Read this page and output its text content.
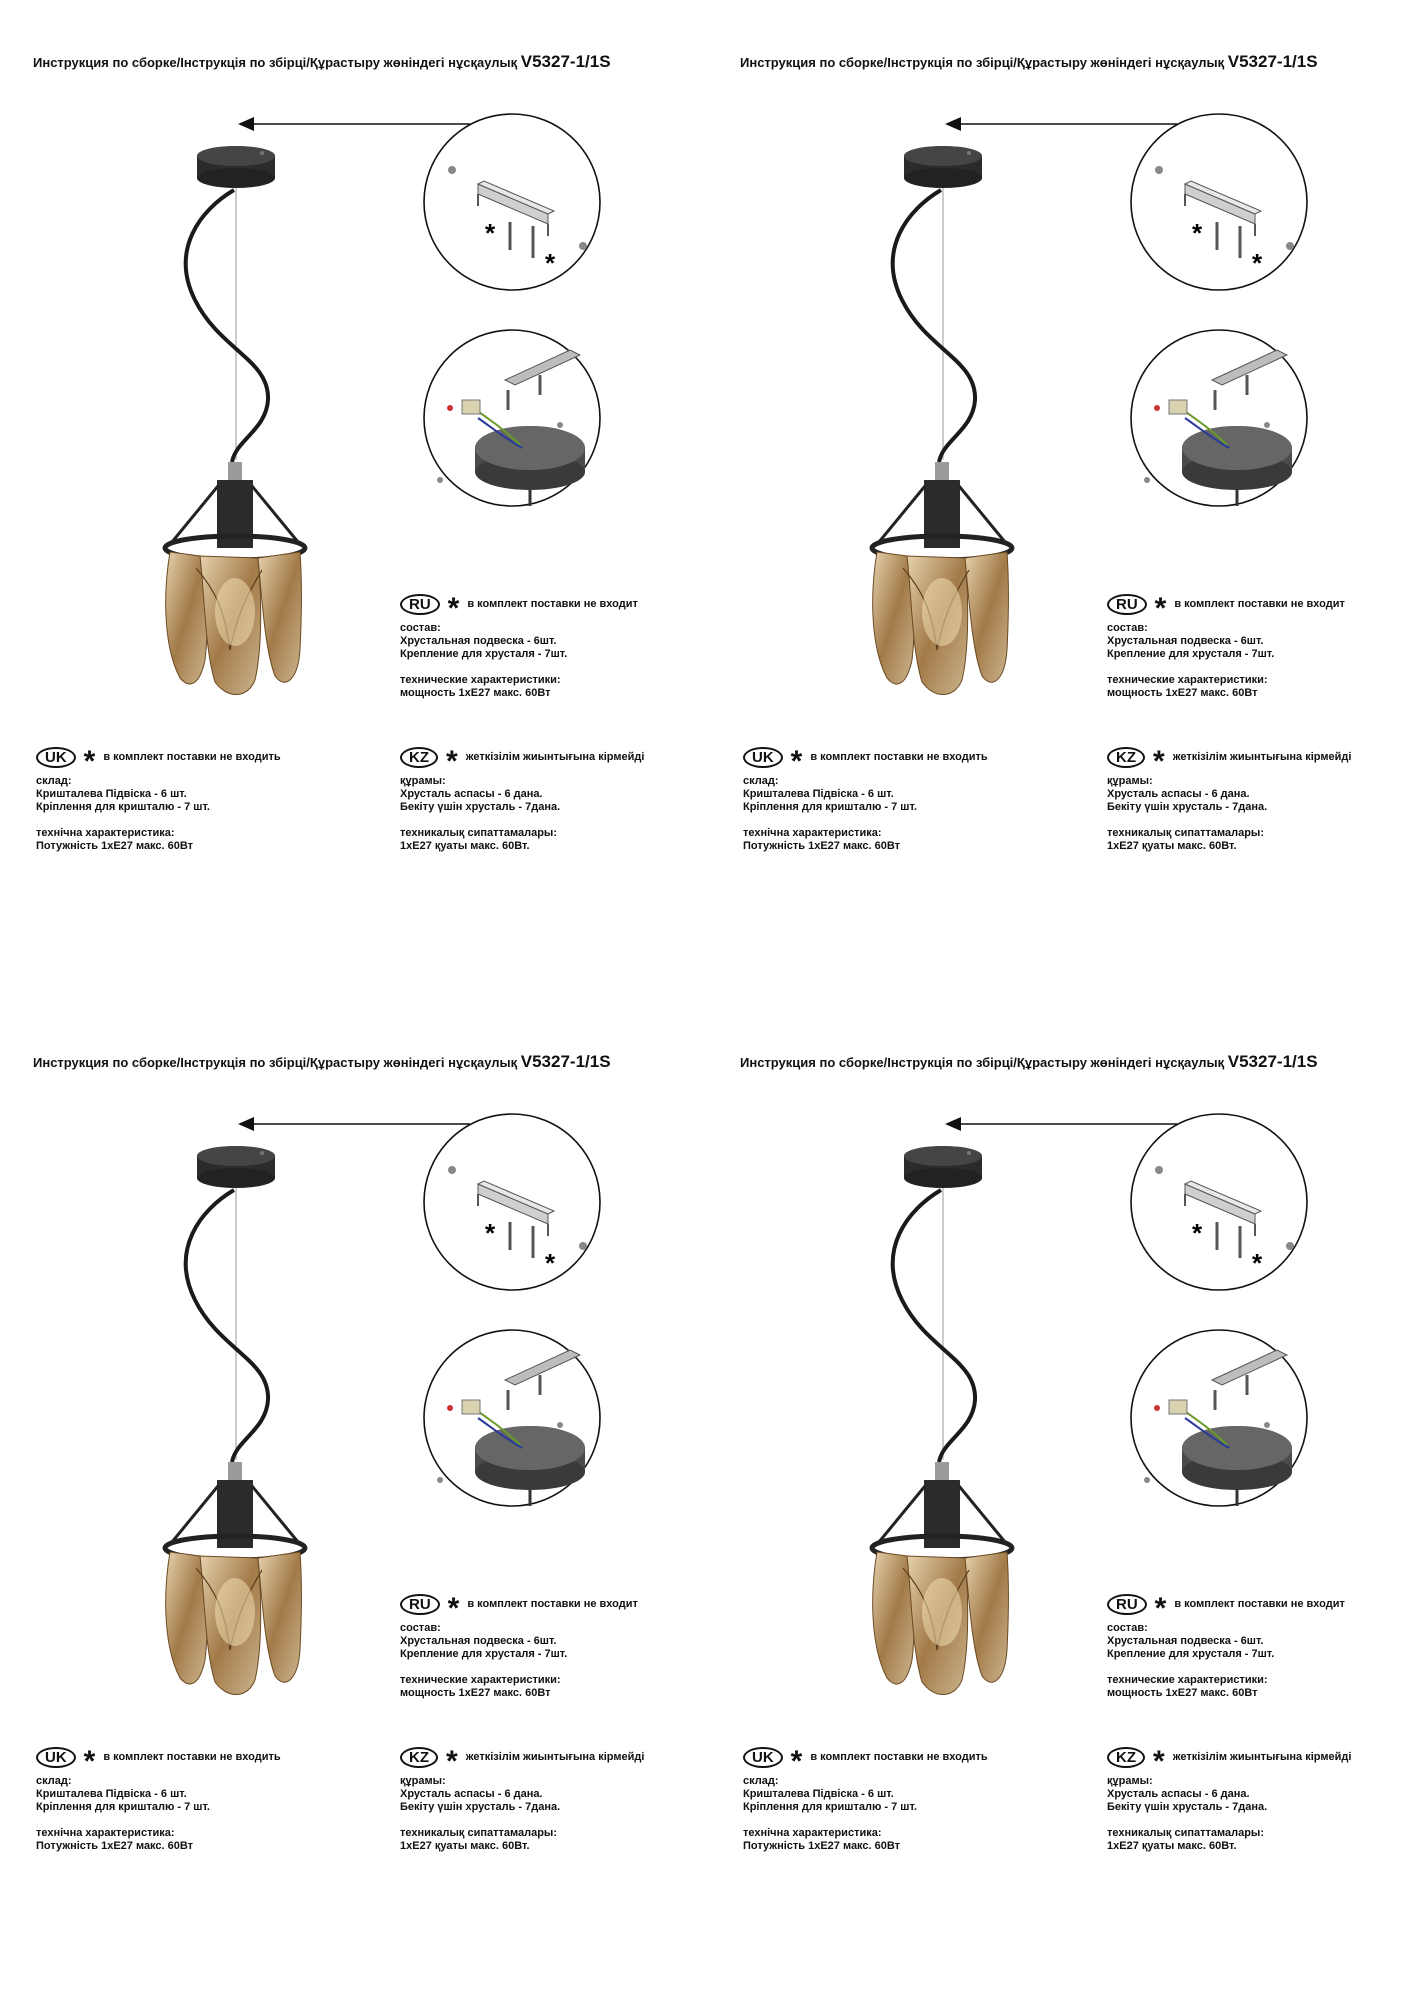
*
*
Инструкция по сборке/Інструкція по збірці/Құрастыру жөніндегі нұсқаулық V5327-1/1S
RU * в комплект поставки не входит
состав:
Хрустальная подвеска - 6шт.
Крепление для хрусталя - 7шт.
технические характеристики:
мощность 1xE27 макс. 60Вт
UK * в комплект поставки не входить
склад:
Кришталева Підвіска - 6 шт.
Кріплення для кришталю - 7 шт.
технічна характеристика:
Потужність 1xE27 макс. 60Вт
KZ * жеткізілім жиынтығына кірмейді
құрамы:
Хрусталь аспасы - 6 дана.
Бекіту үшін хрусталь - 7дана.
техникалық сипаттамалары:
1xE27 қуаты макс. 60Вт.
*
*
Инструкция по сборке/Інструкція по збірці/Құрастыру жөніндегі нұсқаулық V5327-1/1S
RU * в комплект поставки не входит
состав:
Хрустальная подвеска - 6шт.
Крепление для хрусталя - 7шт.
технические характеристики:
мощность 1xE27 макс. 60Вт
UK * в комплект поставки не входить
склад:
Кришталева Підвіска - 6 шт.
Кріплення для кришталю - 7 шт.
технічна характеристика:
Потужність 1xE27 макс. 60Вт
KZ * жеткізілім жиынтығына кірмейді
құрамы:
Хрусталь аспасы - 6 дана.
Бекіту үшін хрусталь - 7дана.
техникалық сипаттамалары:
1xE27 қуаты макс. 60Вт.
*
*
Инструкция по сборке/Інструкція по збірці/Құрастыру жөніндегі нұсқаулық V5327-1/1S
RU * в комплект поставки не входит
состав:
Хрустальная подвеска - 6шт.
Крепление для хрусталя - 7шт.
технические характеристики:
мощность 1xE27 макс. 60Вт
UK * в комплект поставки не входить
склад:
Кришталева Підвіска - 6 шт.
Кріплення для кришталю - 7 шт.
технічна характеристика:
Потужність 1xE27 макс. 60Вт
KZ * жеткізілім жиынтығына кірмейді
құрамы:
Хрусталь аспасы - 6 дана.
Бекіту үшін хрусталь - 7дана.
техникалық сипаттамалары:
1xE27 қуаты макс. 60Вт.
*
*
Инструкция по сборке/Інструкція по збірці/Құрастыру жөніндегі нұсқаулық V5327-1/1S
RU * в комплект поставки не входит
состав:
Хрустальная подвеска - 6шт.
Крепление для хрусталя - 7шт.
технические характеристики:
мощность 1xE27 макс. 60Вт
UK * в комплект поставки не входить
склад:
Кришталева Підвіска - 6 шт.
Кріплення для кришталю - 7 шт.
технічна характеристика:
Потужність 1xE27 макс. 60Вт
KZ * жеткізілім жиынтығына кірмейді
құрамы:
Хрусталь аспасы - 6 дана.
Бекіту үшін хрусталь - 7дана.
техникалық сипаттамалары:
1xE27 қуаты макс. 60Вт.
